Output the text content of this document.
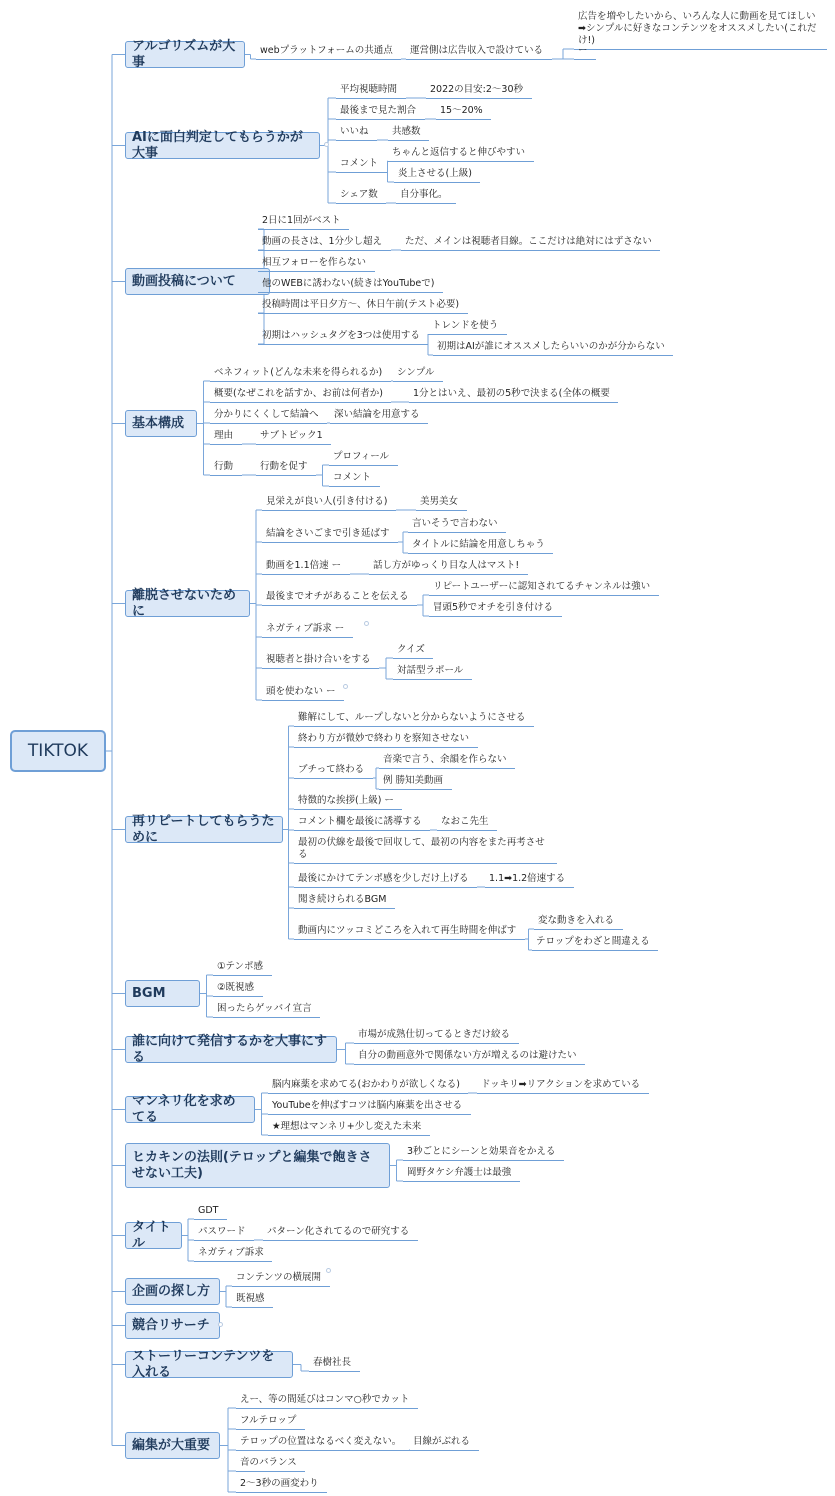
TIKTOK
アルゴリズムが大事
webプラットフォームの共通点 運営側は広告収入で設けている
広告を増やしたいから、いろんな人に動画を見てほしい➡シンプルに好きなコンテンツをオススメしたい(これだけ!)
ー
AIに面白判定してもらうかが大事
平均視聴時間	2022の目安:2〜30秒
最後まで見た割合	15〜20%
いいね 共感数
コメント
ちゃんと返信すると伸びやすい
炎上させる(上級)
シェア数 自分事化。
動画投稿について
2日に1回がベスト
動画の長さは、1分少し超え ただ、メインは視聴者目線。ここだけは絶対にはずさない
相互フォローを作らない
他のWEBに誘わない(続きはYouTubeで)
投稿時間は平日夕方〜、休日午前(テスト必要)
初期はハッシュタグを3つは使用する
トレンドを使う
初期はAIが誰にオススメしたらいいのかが分からない
基本構成
ベネフィット(どんな未来を得られるか) シンプル
概要(なぜこれを話すか、お前は何者か)	1分とはいえ、最初の5秒で決まる(全体の概要
分かりにくくして結論へ 深い結論を用意する
理由	サブトピック1
行動	行動を促す
プロフィール
コメント
離脱させないために
見栄えが良い人(引き付ける)	美男美女
結論をさいごまで引き延ばす
言いそうで言わない
タイトルに結論を用意しちゃう
動画を1.1倍速 ー	話し方がゆっくり目な人はマスト!
最後までオチがあることを伝える
リピートユーザーに認知されてるチャンネルは強い
冒頭5秒でオチを引き付ける
ネガティブ訴求 ー
視聴者と掛け合いをする
クイズ
対話型ラポール
頭を使わない ー
再リピートしてもらうために
難解にして、ループしないと分からないようにさせる
終わり方が微妙で終わりを察知させない
ブチって終わる
音楽で言う、余韻を作らない
例 勝知美動画
特徴的な挨拶(上級) ー
コメント欄を最後に誘導する なおこ先生
最初の伏線を最後で回収して、最初の内容をまた再考させる
最後にかけてテンポ感を少しだけ上げる 1.1➡1.2倍速する
聞き続けられるBGM
動画内にツッコミどころを入れて再生時間を伸ばす
変な動きを入れる
テロップをわざと間違える
BGM
①テンポ感
②既視感
困ったらゲッバイ宣言
誰に向けて発信するかを大事にする
市場が成熟仕切ってるときだけ絞る
自分の動画意外で関係ない方が増えるのは避けたい
マンネリ化を求めてる
脳内麻薬を求めてる(おかわりが欲しくなる) ドッキリ➡リアクションを求めている
YouTubeを伸ばすコツは脳内麻薬を出させる
★理想はマンネリ+少し変えた未来
ヒカキンの法則(テロップと編集で飽きさせない工夫)
3秒ごとにシーンと効果音をかえる
岡野タケシ弁護士は最強
タイトル
GDT
パスワード パターン化されてるので研究する
ネガティブ訴求
企画の探し方
コンテンツの横展開
既視感
競合リサーチ
ストーリーコンテンツを入れる
春樹社長
編集が大重要
えー、等の間延びはコンマ○秒でカット
フルテロップ
テロップの位置はなるべく変えない。 目線がぶれる
音のバランス
2〜3秒の画変わり
